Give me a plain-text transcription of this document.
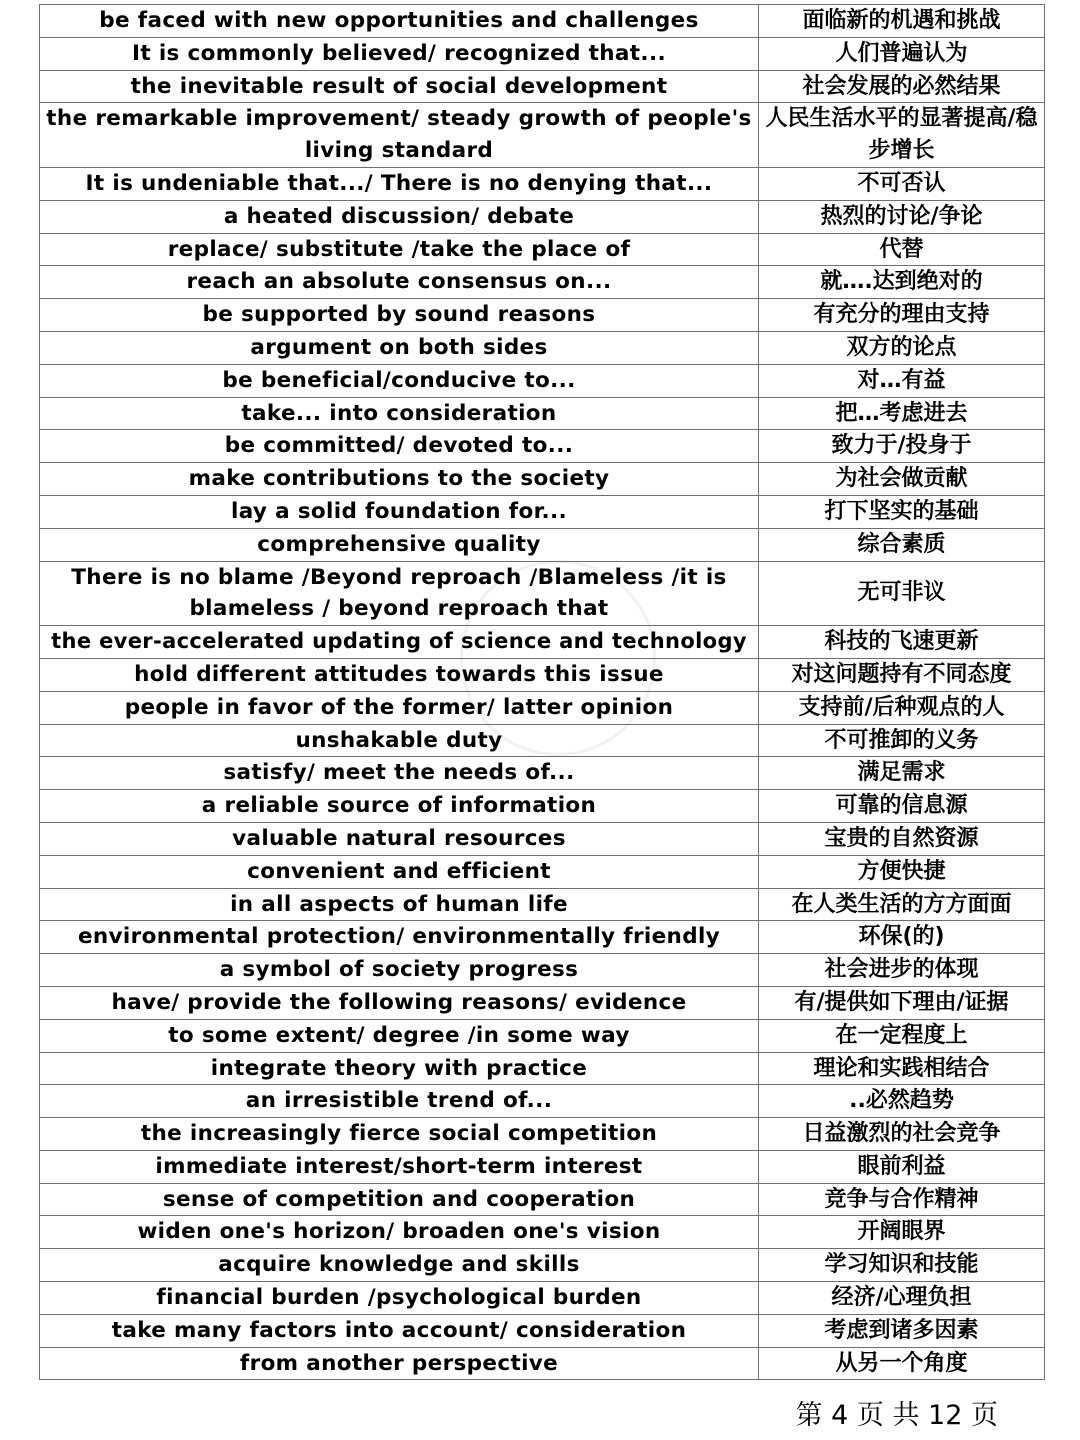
be faced with new opportunities and challenges	面临新的机遇和挑战
It is commonly believed/ recognized that...	人们普遍认为
the inevitable result of social development	社会发展的必然结果
the remarkable improvement/ steady growth of people's living standard	人民生活水平的显著提高/稳步增长
It is undeniable that.../ There is no denying that...	不可否认
a heated discussion/ debate	热烈的讨论/争论
replace/ substitute /take the place of	代替
reach an absolute consensus on...	就….达到绝对的
be supported by sound reasons	有充分的理由支持
argument on both sides	双方的论点
be beneficial/conducive to...	对…有益
take... into consideration	把…考虑进去
be committed/ devoted to...	致力于/投身于
make contributions to the society	为社会做贡献
lay a solid foundation for...	打下坚实的基础
comprehensive quality	综合素质
There is no blame /Beyond reproach /Blameless /it is blameless / beyond reproach that	无可非议
the ever-accelerated updating of science and technology	科技的飞速更新
hold different attitudes towards this issue	对这问题持有不同态度
people in favor of the former/ latter opinion	支持前/后种观点的人
unshakable duty	不可推卸的义务
satisfy/ meet the needs of...	满足需求
a reliable source of information	可靠的信息源
valuable natural resources	宝贵的自然资源
convenient and efficient	方便快捷
in all aspects of human life	在人类生活的方方面面
environmental protection/ environmentally friendly	环保(的)
a symbol of society progress	社会进步的体现
have/ provide the following reasons/ evidence	有/提供如下理由/证据
to some extent/ degree /in some way	在一定程度上
integrate theory with practice	理论和实践相结合
an irresistible trend of...	..必然趋势
the increasingly fierce social competition	日益激烈的社会竞争
immediate interest/short-term interest	眼前利益
sense of competition and cooperation	竞争与合作精神
widen one's horizon/ broaden one's vision	开阔眼界
acquire knowledge and skills	学习知识和技能
financial burden /psychological burden	经济/心理负担
take many factors into account/ consideration	考虑到诸多因素
from another perspective	从另一个角度
第 4 页 共 12 页
